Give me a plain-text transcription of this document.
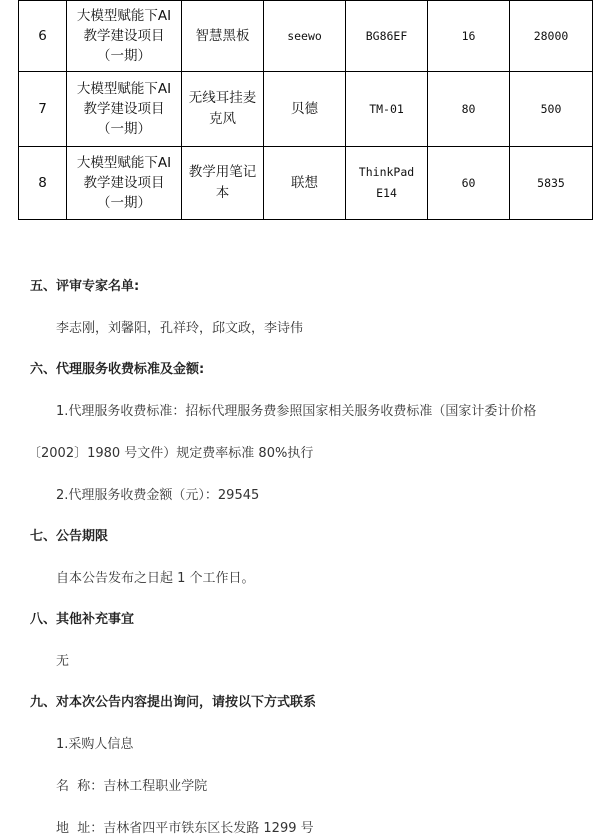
6	大模型赋能下AI教学建设项目（一期）	智慧黑板	seewo	BG86EF	16	28000
7	大模型赋能下AI教学建设项目（一期）	无线耳挂麦克风	贝德	TM-01	80	500
8	大模型赋能下AI教学建设项目（一期）	教学用笔记本	联想	ThinkPad E14	60	5835
五、评审专家名单:
李志刚，刘馨阳，孔祥玲，邱文政，李诗伟
六、代理服务收费标准及金额:
1.代理服务收费标准：招标代理服务费参照国家相关服务收费标准（国家计委计价格
〔2002〕1980 号文件）规定费率标准 80%执行
2.代理服务收费金额（元）：29545
七、公告期限
自本公告发布之日起 1 个工作日。
八、其他补充事宜
无
九、对本次公告内容提出询问，请按以下方式联系
1.采购人信息
名  称：吉林工程职业学院
地  址：吉林省四平市铁东区长发路 1299 号
